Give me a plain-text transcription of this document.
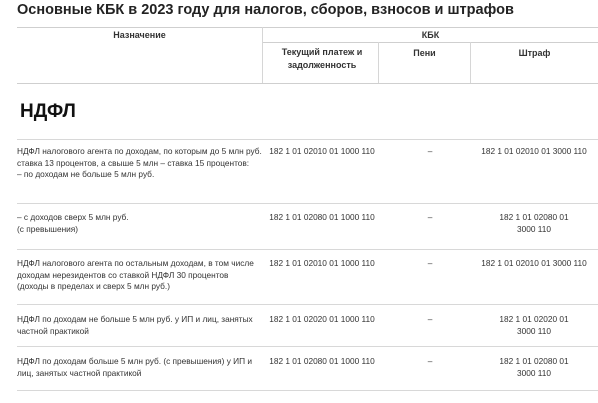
Основные КБК в 2023 году для налогов, сборов, взносов и штрафов
Назначение	КБК
Текущий платеж и задолженность
Пени	Штраф
НДФЛ
НДФЛ налогового агента по доходам, по которым до 5 млн руб. ставка 13 процентов, а свыше 5 млн – ставка 15 процентов:
– по доходам не больше 5 млн руб.
182 1 01 02010 01 1000 110	–	182 1 01 02010 01 3000 110
– с доходов сверх 5 млн руб.
(с превышения)
182 1 01 02080 01 1000 110	–	182 1 01 02080 01
3000 110
НДФЛ налогового агента по остальным доходам, в том числе доходам нерезидентов со ставкой НДФЛ 30 процентов (доходы в пределах и сверх 5 млн руб.)
182 1 01 02010 01 1000 110	–	182 1 01 02010 01 3000 110
НДФЛ по доходам не больше 5 млн руб. у ИП и лиц, занятых частной практикой
182 1 01 02020 01 1000 110	–	182 1 01 02020 01
3000 110
НДФЛ по доходам больше 5 млн руб. (с превышения) у ИП и лиц, занятых частной практикой
182 1 01 02080 01 1000 110	–	182 1 01 02080 01
3000 110
